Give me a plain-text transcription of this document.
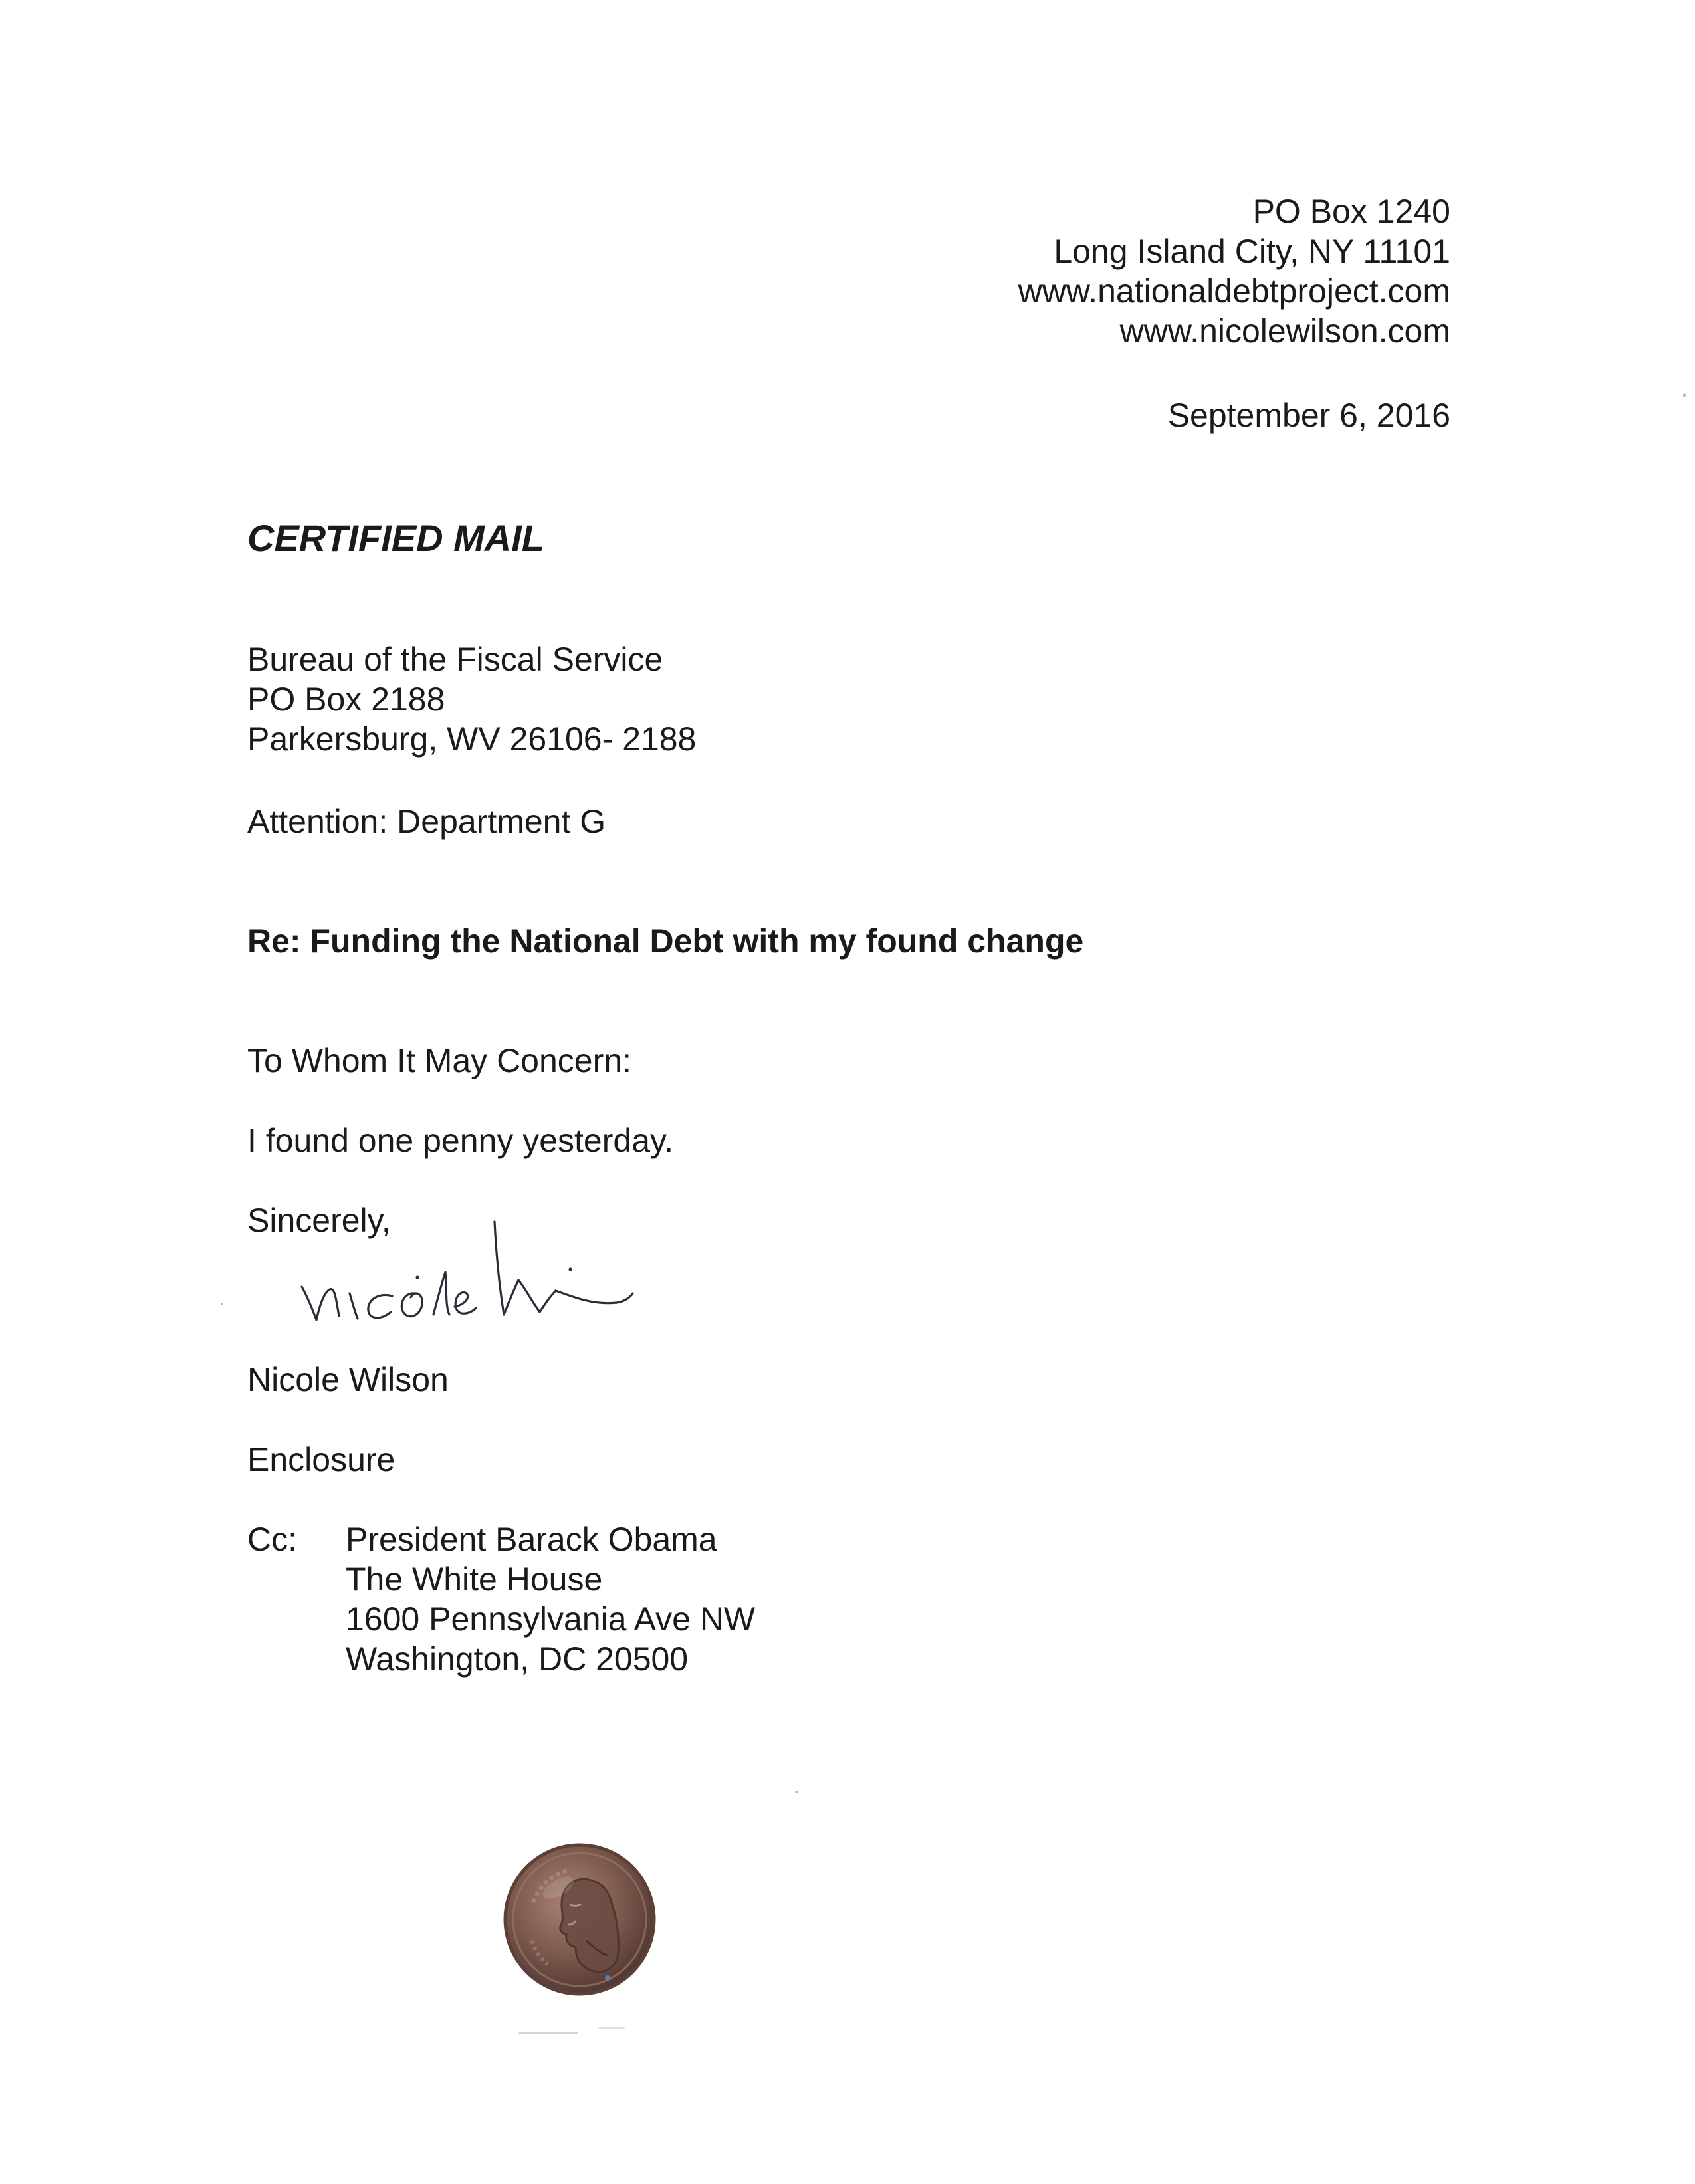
PO Box 1240
Long Island City, NY 11101
www.nationaldebtproject.com
www.nicolewilson.com
September 6, 2016
CERTIFIED MAIL
Bureau of the Fiscal Service
PO Box 2188
Parkersburg, WV 26106- 2188
Attention: Department G
Re: Funding the National Debt with my found change
To Whom It May Concern:
I found one penny yesterday.
Sincerely,
Nicole Wilson
Enclosure
Cc: President Barack Obama
The White House
1600 Pennsylvania Ave NW
Washington, DC 20500
